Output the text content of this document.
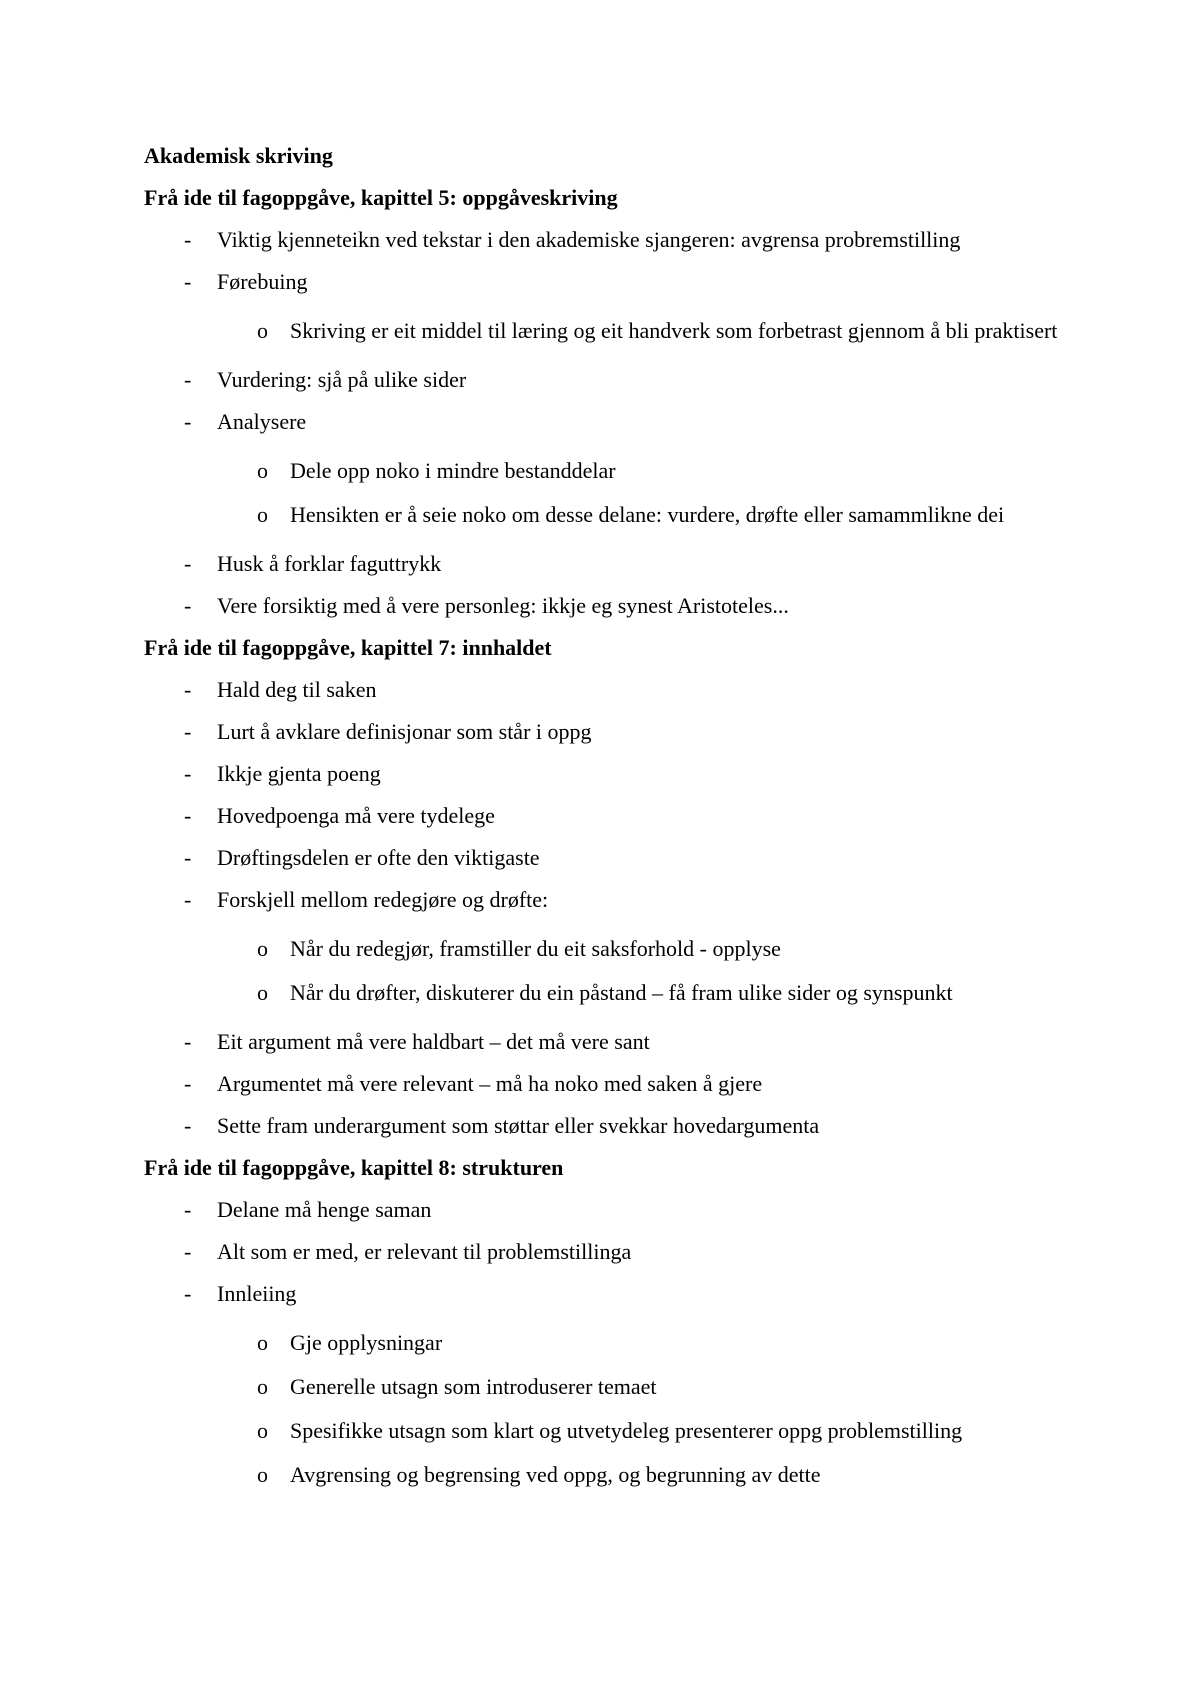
Akademisk skriving
Frå ide til fagoppgåve, kapittel 5: oppgåveskriving
- Viktig kjenneteikn ved tekstar i den akademiske sjangeren: avgrensa probremstilling
- Førebuing
o Skriving er eit middel til læring og eit handverk som forbetrast gjennom å bli praktisert
- Vurdering: sjå på ulike sider
- Analysere
o Dele opp noko i mindre bestanddelar
o Hensikten er å seie noko om desse delane: vurdere, drøfte eller samammlikne dei
- Husk å forklar faguttrykk
- Vere forsiktig med å vere personleg: ikkje eg synest Aristoteles...
Frå ide til fagoppgåve, kapittel 7: innhaldet
- Hald deg til saken
- Lurt å avklare definisjonar som står i oppg
- Ikkje gjenta poeng
- Hovedpoenga må vere tydelege
- Drøftingsdelen er ofte den viktigaste
- Forskjell mellom redegjøre og drøfte:
o Når du redegjør, framstiller du eit saksforhold - opplyse
o Når du drøfter, diskuterer du ein påstand – få fram ulike sider og synspunkt
- Eit argument må vere haldbart – det må vere sant
- Argumentet må vere relevant – må ha noko med saken å gjere
- Sette fram underargument som støttar eller svekkar hovedargumenta
Frå ide til fagoppgåve, kapittel 8: strukturen
- Delane må henge saman
- Alt som er med, er relevant til problemstillinga
- Innleiing
o Gje opplysningar
o Generelle utsagn som introduserer temaet
o Spesifikke utsagn som klart og utvetydeleg presenterer oppg problemstilling
o Avgrensing og begrensing ved oppg, og begrunning av dette
